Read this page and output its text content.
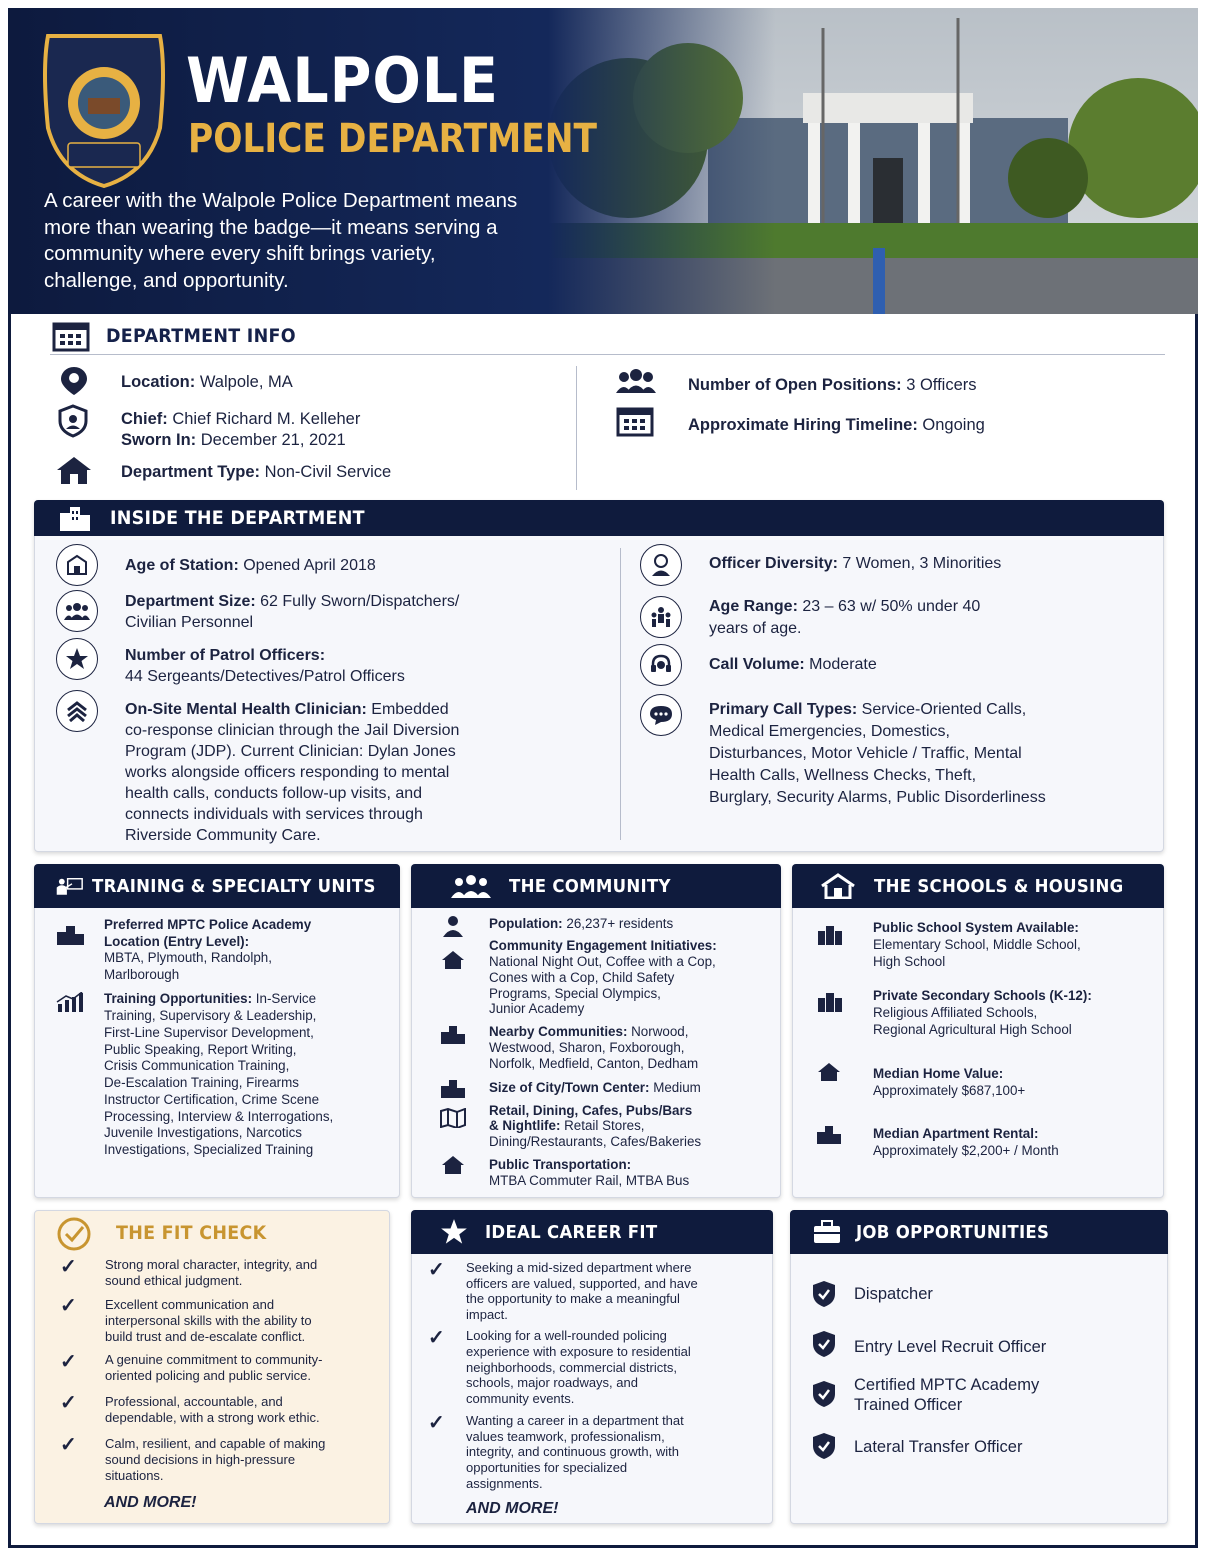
WALPOLE
POLICE DEPARTMENT
A career with the Walpole Police Department means more than wearing the badge—it means serving a community where every shift brings variety, challenge, and opportunity.
DEPARTMENT INFO
Location: Walpole, MA
Chief: Chief Richard M. Kelleher
Sworn In: December 21, 2021
Department Type: Non-Civil Service
Number of Open Positions: 3 Officers
Approximate Hiring Timeline: Ongoing
INSIDE THE DEPARTMENT
Age of Station: Opened April 2018
Department Size: 62 Fully Sworn/Dispatchers/
Civilian Personnel
Number of Patrol Officers:
44 Sergeants/Detectives/Patrol Officers
On-Site Mental Health Clinician: Embedded
co-response clinician through the Jail Diversion
Program (JDP). Current Clinician: Dylan Jones
works alongside officers responding to mental
health calls, conducts follow-up visits, and
connects individuals with services through
Riverside Community Care.
Officer Diversity: 7 Women, 3 Minorities
Age Range: 23 – 63 w/ 50% under 40
years of age.
Call Volume: Moderate
Primary Call Types: Service-Oriented Calls,
Medical Emergencies, Domestics,
Disturbances, Motor Vehicle / Traffic, Mental
Health Calls, Wellness Checks, Theft,
Burglary, Security Alarms, Public Disorderliness
TRAINING & SPECIALTY UNITS
Preferred MPTC Police Academy
Location (Entry Level):
MBTA, Plymouth, Randolph,
Marlborough
Training Opportunities: In-Service
Training, Supervisory & Leadership,
First-Line Supervisor Development,
Public Speaking, Report Writing,
Crisis Communication Training,
De-Escalation Training, Firearms
Instructor Certification, Crime Scene
Processing, Interview & Interrogations,
Juvenile Investigations, Narcotics
Investigations, Specialized Training
THE COMMUNITY
Population: 26,237+ residents
Community Engagement Initiatives:
National Night Out, Coffee with a Cop,
Cones with a Cop, Child Safety
Programs, Special Olympics,
Junior Academy
Nearby Communities: Norwood,
Westwood, Sharon, Foxborough,
Norfolk, Medfield, Canton, Dedham
Size of City/Town Center: Medium
Retail, Dining, Cafes, Pubs/Bars
& Nightlife: Retail Stores,
Dining/Restaurants, Cafes/Bakeries
Public Transportation:
MTBA Commuter Rail, MTBA Bus
THE SCHOOLS & HOUSING
Public School System Available:
Elementary School, Middle School,
High School
Private Secondary Schools (K-12):
Religious Affiliated Schools,
Regional Agricultural High School
Median Home Value:
Approximately $687,100+
Median Apartment Rental:
Approximately $2,200+ / Month
THE FIT CHECK
✓ Strong moral character, integrity, and
sound ethical judgment.
✓ Excellent communication and
interpersonal skills with the ability to
build trust and de-escalate conflict.
✓ A genuine commitment to community-
oriented policing and public service.
✓ Professional, accountable, and
dependable, with a strong work ethic.
✓ Calm, resilient, and capable of making
sound decisions in high-pressure
situations.
AND MORE!
IDEAL CAREER FIT
✓ Seeking a mid-sized department where
officers are valued, supported, and have
the opportunity to make a meaningful
impact.
✓ Looking for a well-rounded policing
experience with exposure to residential
neighborhoods, commercial districts,
schools, major roadways, and
community events.
✓ Wanting a career in a department that
values teamwork, professionalism,
integrity, and continuous growth, with
opportunities for specialized
assignments.
AND MORE!
JOB OPPORTUNITIES
Dispatcher
Entry Level Recruit Officer
Certified MPTC Academy
Trained Officer
Lateral Transfer Officer
